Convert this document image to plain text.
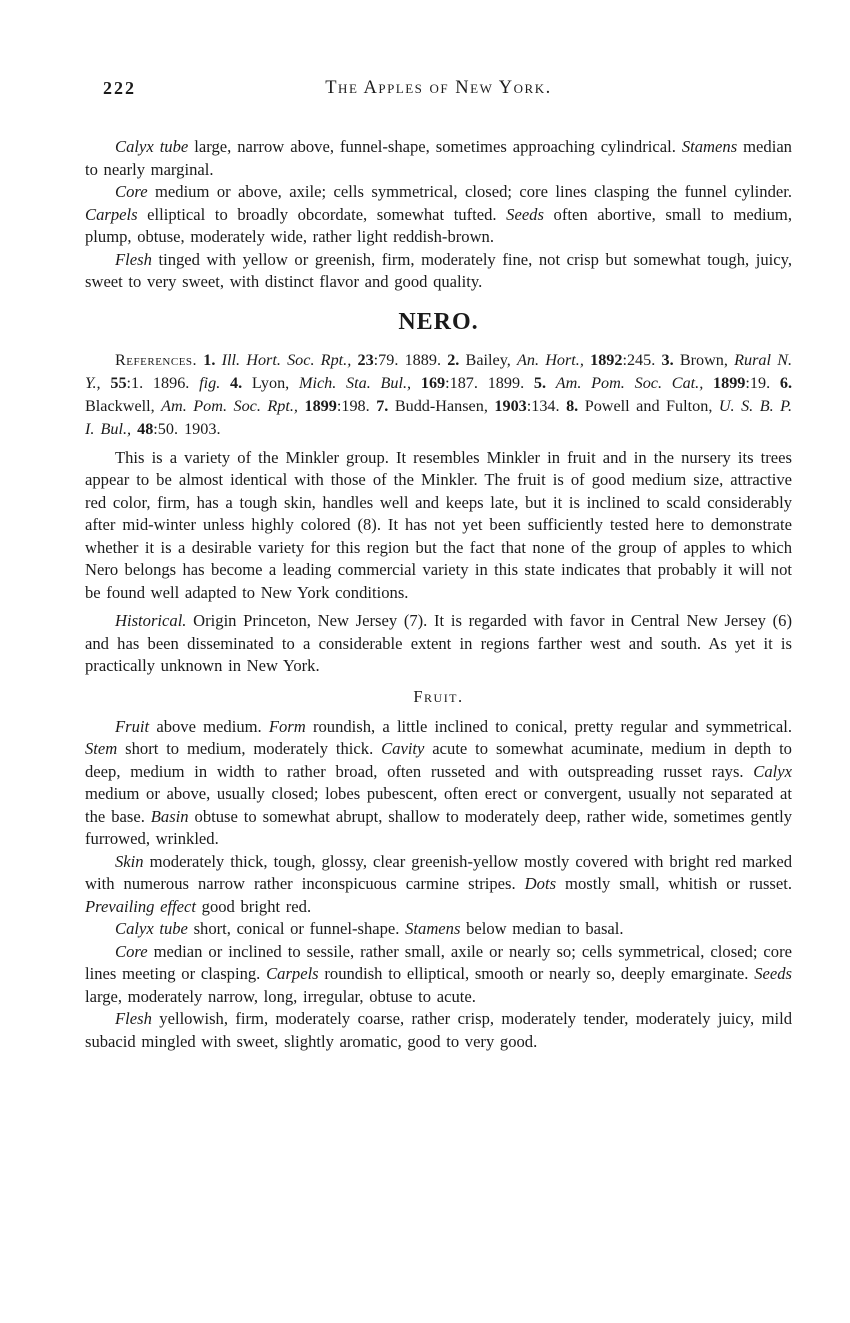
222	The Apples of New York.

Calyx tube large, narrow above, funnel-shape, sometimes approaching cylindrical. Stamens median to nearly marginal.

Core medium or above, axile; cells symmetrical, closed; core lines clasping the funnel cylinder. Carpels elliptical to broadly obcordate, somewhat tufted. Seeds often abortive, small to medium, plump, obtuse, moderately wide, rather light reddish-brown.

Flesh tinged with yellow or greenish, firm, moderately fine, not crisp but somewhat tough, juicy, sweet to very sweet, with distinct flavor and good quality.

NERO.

References. 1. Ill. Hort. Soc. Rpt., 23:79. 1889. 2. Bailey, An. Hort., 1892:245. 3. Brown, Rural N. Y., 55:1. 1896. fig. 4. Lyon, Mich. Sta. Bul., 169:187. 1899. 5. Am. Pom. Soc. Cat., 1899:19. 6. Blackwell, Am. Pom. Soc. Rpt., 1899:198. 7. Budd-Hansen, 1903:134. 8. Powell and Fulton, U. S. B. P. I. Bul., 48:50. 1903.

This is a variety of the Minkler group. It resembles Minkler in fruit and in the nursery its trees appear to be almost identical with those of the Minkler. The fruit is of good medium size, attractive red color, firm, has a tough skin, handles well and keeps late, but it is inclined to scald considerably after mid-winter unless highly colored (8). It has not yet been sufficiently tested here to demonstrate whether it is a desirable variety for this region but the fact that none of the group of apples to which Nero belongs has become a leading commercial variety in this state indicates that probably it will not be found well adapted to New York conditions.

Historical. Origin Princeton, New Jersey (7). It is regarded with favor in Central New Jersey (6) and has been disseminated to a considerable extent in regions farther west and south. As yet it is practically unknown in New York.

Fruit.

Fruit above medium. Form roundish, a little inclined to conical, pretty regular and symmetrical. Stem short to medium, moderately thick. Cavity acute to somewhat acuminate, medium in depth to deep, medium in width to rather broad, often russeted and with outspreading russet rays. Calyx medium or above, usually closed; lobes pubescent, often erect or convergent, usually not separated at the base. Basin obtuse to somewhat abrupt, shallow to moderately deep, rather wide, sometimes gently furrowed, wrinkled.

Skin moderately thick, tough, glossy, clear greenish-yellow mostly covered with bright red marked with numerous narrow rather inconspicuous carmine stripes. Dots mostly small, whitish or russet. Prevailing effect good bright red.

Calyx tube short, conical or funnel-shape. Stamens below median to basal.

Core median or inclined to sessile, rather small, axile or nearly so; cells symmetrical, closed; core lines meeting or clasping. Carpels roundish to elliptical, smooth or nearly so, deeply emarginate. Seeds large, moderately narrow, long, irregular, obtuse to acute.

Flesh yellowish, firm, moderately coarse, rather crisp, moderately tender, moderately juicy, mild subacid mingled with sweet, slightly aromatic, good to very good.
